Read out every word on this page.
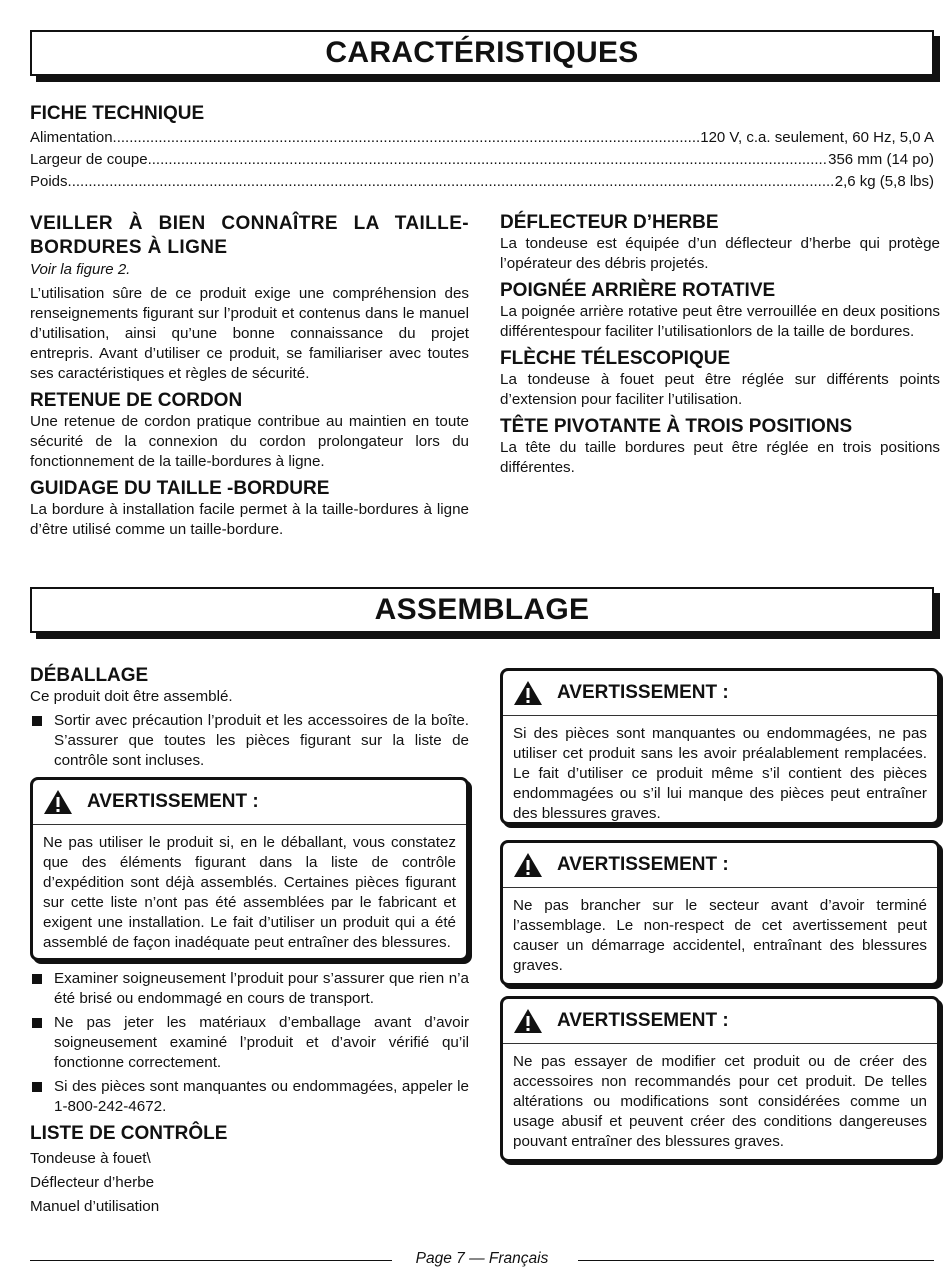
CARACTÉRISTIQUES
FICHE TECHNIQUE
Alimentation .....	120 V, c.a. seulement, 60 Hz, 5,0 A
Largeur de coupe .....	356 mm (14 po)
Poids .....	2,6 kg (5,8 lbs)
VEILLER À BIEN CONNAÎTRE LA TAILLE-BORDURES À LIGNE
Voir la figure 2.
L’utilisation sûre de ce produit exige une compréhension des renseignements figurant sur l’produit et contenus dans le manuel d’utilisation, ainsi qu’une bonne connaissance du projet entrepris. Avant d’utiliser ce produit, se familiariser avec toutes ses caractéristiques et règles de sécurité.
RETENUE DE CORDON
Une retenue de cordon pratique contribue au maintien en toute sécurité de la connexion du cordon prolongateur lors du fonctionnement de la taille-bordures à ligne.
GUIDAGE DU TAILLE -BORDURE
La bordure à installation facile permet à la taille-bordures à ligne d’être utilisé comme un taille-bordure.
DÉFLECTEUR D’HERBE
La tondeuse est équipée d’un déflecteur d’herbe qui protège l’opérateur des débris projetés.
POIGNÉE ARRIÈRE ROTATIVE
La poignée arrière rotative peut être verrouillée en deux positions différentespour faciliter l’utilisationlors de la taille de bordures.
FLÈCHE TÉLESCOPIQUE
La tondeuse à fouet peut être réglée sur différents points d’extension pour faciliter l’utilisation.
TÊTE PIVOTANTE À TROIS POSITIONS
La tête du taille bordures peut être réglée en trois positions différentes.
ASSEMBLAGE
DÉBALLAGE
Ce produit doit être assemblé.
Sortir avec précaution l’produit et les accessoires de la boîte. S’assurer que toutes les pièces figurant sur la liste de contrôle sont incluses.
AVERTISSEMENT :
Ne pas utiliser le produit si, en le déballant, vous constatez que des éléments figurant dans la liste de contrôle d’expédition sont déjà assemblés. Certaines pièces figurant sur cette liste n’ont pas été assemblées par le fabricant et exigent une installation. Le fait d’utiliser un produit qui a été assemblé de façon inadéquate peut entraîner des blessures.
Examiner soigneusement l’produit pour s’assurer que rien n’a été brisé ou endommagé en cours de transport.
Ne pas jeter les matériaux d’emballage avant d’avoir soigneusement examiné l’produit et d’avoir vérifié qu’il fonctionne correctement.
Si des pièces sont manquantes ou endommagées, appeler le 1-800-242-4672.
LISTE DE CONTRÔLE
Tondeuse à fouet\
Déflecteur d’herbe
Manuel d’utilisation
AVERTISSEMENT :
Si des pièces sont manquantes ou endommagées, ne pas utiliser cet produit sans les avoir préalablement remplacées. Le fait d’utiliser ce produit même s’il contient des pièces endommagées ou s’il lui manque des pièces peut entraîner des blessures graves.
AVERTISSEMENT :
Ne pas brancher sur le secteur avant d’avoir terminé l’assemblage. Le non-respect de cet avertissement peut causer un démarrage accidentel, entraînant des blessures graves.
AVERTISSEMENT :
Ne pas essayer de modifier cet produit ou de créer des accessoires non recommandés pour cet produit. De telles altérations ou modifications sont considérées comme un usage abusif et peuvent créer des conditions dangereuses pouvant entraîner des blessures graves.
Page 7 — Français
